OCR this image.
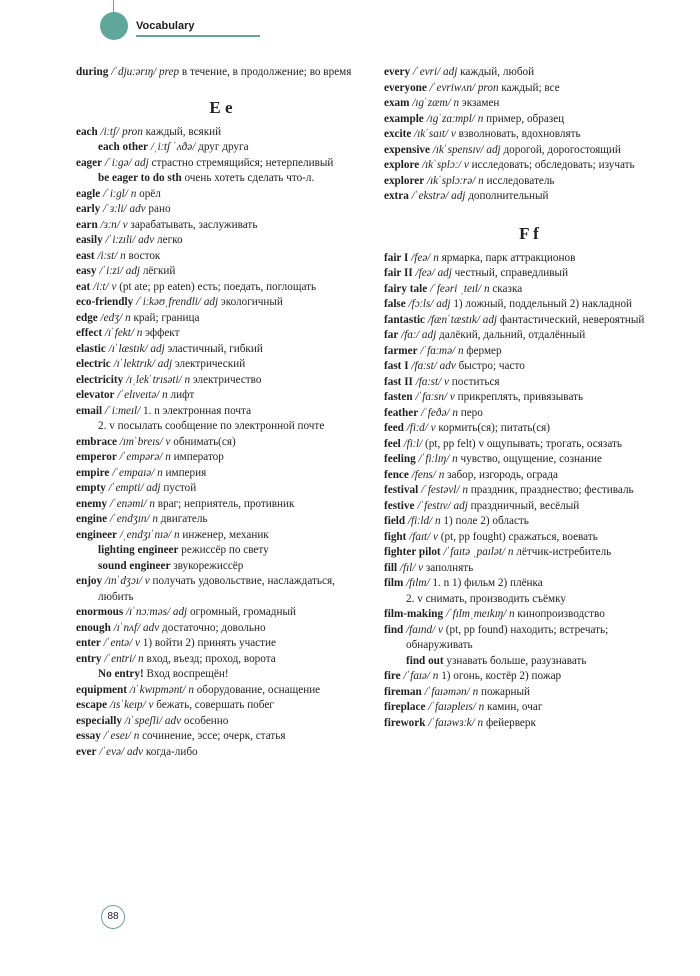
Vocabulary

during /ˈdjuːərɪŋ/ prep в течение, в продолжение; во время

E e

each /iːtʃ/ pron каждый, всякий

each other /ˌiːtʃ ˈʌðə/ друг друга

eager /ˈiːgə/ adj страстно стремящийся; нетерпеливый

be eager to do sth очень хотеть сделать что-л.

eagle /ˈiːgl/ n орёл

early /ˈɜːli/ adv рано

earn /ɜːn/ v зарабатывать, заслуживать

easily /ˈiːzɪli/ adv легко

east /iːst/ n восток

easy /ˈiːzi/ adj лёгкий

eat /iːt/ v (pt ate; pp eaten) есть; поедать, поглощать

eco-friendly /ˈiːkəʊˌfrendli/ adj экологичный

edge /edʒ/ n край; граница

effect /ɪˈfekt/ n эффект

elastic /ɪˈlæstɪk/ adj эластичный, гибкий

electric /ɪˈlektrɪk/ adj электрический

electricity /ɪˌlekˈtrɪsəti/ n электричество

elevator /ˈelɪveɪtə/ n лифт

email /ˈiːmeɪl/ 1. n электронная почта

2. v посылать сообщение по электронной почте

embrace /ɪmˈbreɪs/ v обнимать(ся)

emperor /ˈempərə/ n император

empire /ˈempaɪə/ n империя

empty /ˈempti/ adj пустой

enemy /ˈenəmi/ n враг; неприятель, противник

engine /ˈendʒɪn/ n двигатель

engineer /ˌendʒɪˈnɪə/ n инженер, механик

lighting engineer режиссёр по свету

sound engineer звукорежиссёр

enjoy /ɪnˈdʒɔɪ/ v получать удовольствие, наслаждаться, любить

enormous /ɪˈnɔːməs/ adj огромный, громадный

enough /ɪˈnʌf/ adv достаточно; довольно

enter /ˈentə/ v 1) войти 2) принять участие

entry /ˈentri/ n вход, въезд; проход, ворота

No entry! Вход воспрещён!

equipment /ɪˈkwɪpmənt/ n оборудование, оснащение

escape /ɪsˈkeɪp/ v бежать, совершать побег

especially /ɪˈspeʃli/ adv особенно

essay /ˈeseɪ/ n сочинение, эссе; очерк, статья

ever /ˈevə/ adv когда-либо

every /ˈevri/ adj каждый, любой

everyone /ˈevriwʌn/ pron каждый; все

exam /ɪgˈzæm/ n экзамен

example /ɪgˈzɑːmpl/ n пример, образец

excite /ɪkˈsaɪt/ v взволновать, вдохновлять

expensive /ɪkˈspensɪv/ adj дорогой, дорогостоящий

explore /ɪkˈsplɔː/ v исследовать; обследовать; изучать

explorer /ɪkˈsplɔːrə/ n исследователь

extra /ˈekstrə/ adj дополнительный

F f

fair I /feə/ n ярмарка, парк аттракционов

fair II /feə/ adj честный, справедливый

fairy tale /ˈfeəri ˌteɪl/ n сказка

false /fɔːls/ adj 1) ложный, поддельный 2) накладной

fantastic /fænˈtæstɪk/ adj фантастический, невероятный

far /fɑː/ adj далёкий, дальний, отдалённый

farmer /ˈfɑːmə/ n фермер

fast I /fɑːst/ adv быстро; часто

fast II /fɑːst/ v поститься

fasten /ˈfɑːsn/ v прикреплять, привязывать

feather /ˈfeðə/ n перо

feed /fiːd/ v кормить(ся); питать(ся)

feel /fiːl/ (pt, pp felt) v ощупывать; трогать, осязать

feeling /ˈfiːlɪŋ/ n чувство, ощущение, сознание

fence /fens/ n забор, изгородь, ограда

festival /ˈfestəvl/ n праздник, празднество; фестиваль

festive /ˈfestɪv/ adj праздничный, весёлый

field /fiːld/ n 1) поле 2) область

fight /faɪt/ v (pt, pp fought) сражаться, воевать

fighter pilot /ˈfaɪtə ˌpaɪlət/ n лётчик-истребитель

fill /fɪl/ v заполнять

film /fɪlm/ 1. n 1) фильм 2) плёнка

2. v снимать, производить съёмку

film-making /ˈfɪlmˌmeɪkɪŋ/ n кинопроизводство

find /faɪnd/ v (pt, pp found) находить; встречать; обнаруживать

find out узнавать больше, разузнавать

fire /ˈfaɪə/ n 1) огонь, костёр 2) пожар

fireman /ˈfaɪəmən/ n пожарный

fireplace /ˈfaɪəpleɪs/ n камин, очаг

firework /ˈfaɪəwɜːk/ n фейерверк

88
